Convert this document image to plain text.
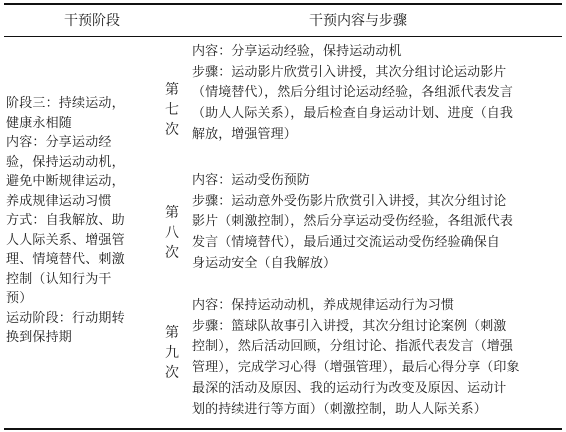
干预阶段	干预内容与步骤
阶段三：持续运动，
健康永相随
内容：分享运动经
验，保持运动动机，
避免中断规律运动，
养成规律运动习惯
方式：自我解放、助
人人际关系、增强管
理、情境替代、刺激
控制（认知行为干
预）
运动阶段：行动期转
换到保持期
第
七
次
内容：分享运动经验，保持运动动机
步骤：运动影片欣赏引入讲授，其次分组讨论运动影片
（情境替代），然后分组讨论运动经验，各组派代表发言
（助人人际关系），最后检查自身运动计划、进度（自我
解放，增强管理）
第
八
次
内容：运动受伤预防
步骤：运动意外受伤影片欣赏引入讲授，其次分组讨论
影片（刺激控制），然后分享运动受伤经验，各组派代表
发言（情境替代），最后通过交流运动受伤经验确保自
身运动安全（自我解放）
第
九
次
内容：保持运动动机，养成规律运动行为习惯
步骤：篮球队故事引入讲授，其次分组讨论案例（刺激
控制），然后活动回顾，分组讨论、指派代表发言（增强
管理），完成学习心得（增强管理），最后心得分享（印象
最深的活动及原因、我的运动行为改变及原因、运动计
划的持续进行等方面）（刺激控制，助人人际关系）
